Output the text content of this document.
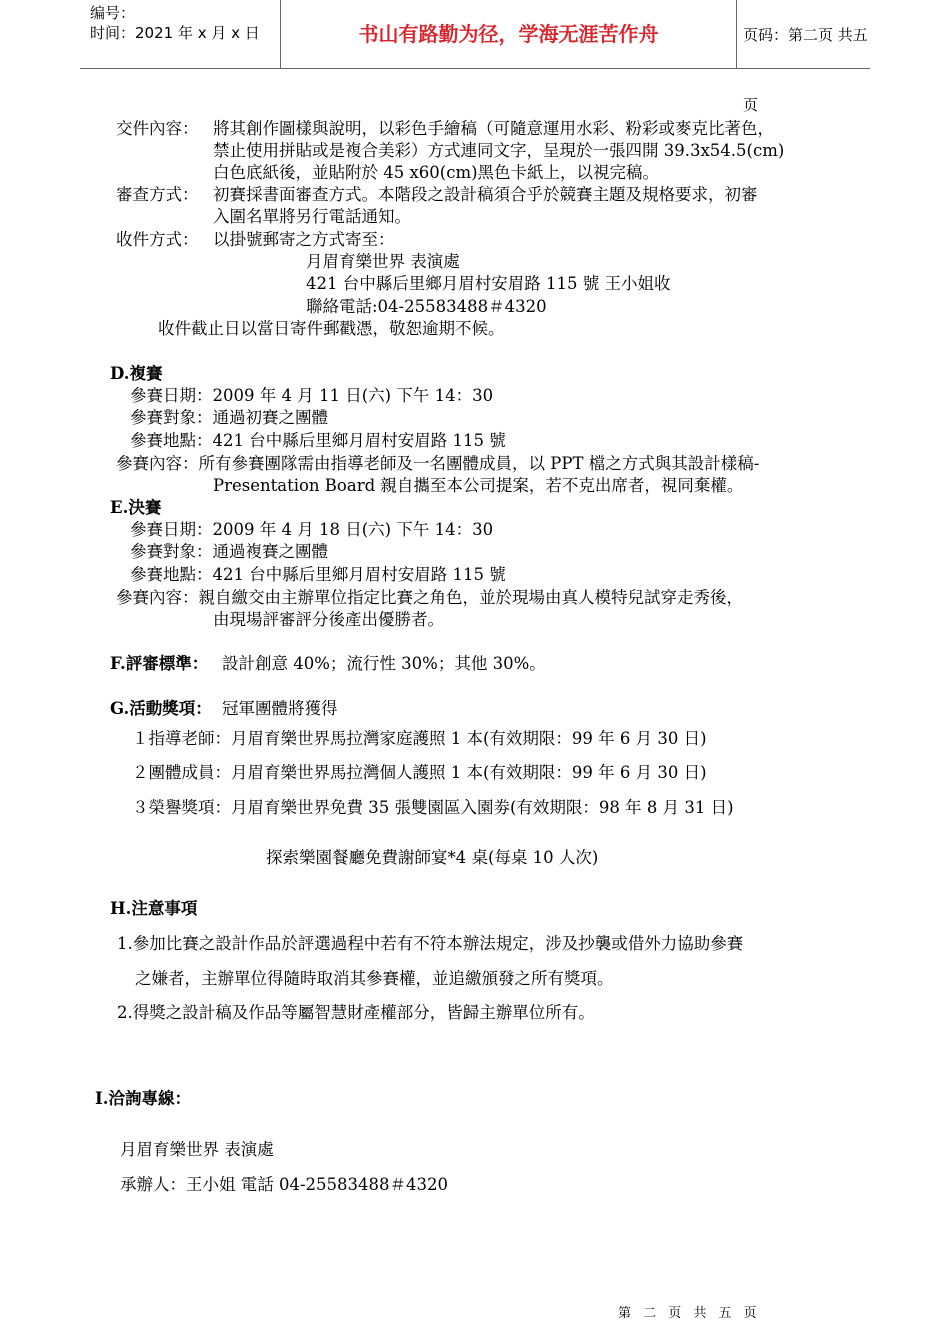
编号：
时间：2021 年 x 月 x 日	书山有路勤为径，学海无涯苦作舟	页码：第二页 共五页
交件內容： 將其創作圖樣與說明，以彩色手繪稿（可隨意運用水彩、粉彩或麥克比著色，
禁止使用拼貼或是複合美彩）方式連同文字，呈現於一張四開 39.3x54.5(cm)
白色底紙後，並貼附於 45 x60(cm)黑色卡紙上，以視完稿。
審查方式： 初賽採書面審查方式。本階段之設計稿須合乎於競賽主題及規格要求，初審
入圍名單將另行電話通知。
收件方式： 以掛號郵寄之方式寄至：
月眉育樂世界 表演處
421 台中縣后里鄉月眉村安眉路 115 號 王小姐收
聯絡電話:04-25583488＃4320
收件截止日以當日寄件郵戳憑，敬恕逾期不候。
D.複賽
參賽日期：2009 年 4 月 11 日(六) 下午 14：30
參賽對象：通過初賽之團體
參賽地點：421 台中縣后里鄉月眉村安眉路 115 號
參賽內容：所有參賽團隊需由指導老師及一名團體成員，以 PPT 檔之方式與其設計樣稿-
Presentation Board 親自攜至本公司提案，若不克出席者，視同棄權。
E.決賽
參賽日期：2009 年 4 月 18 日(六) 下午 14：30
參賽對象：通過複賽之團體
參賽地點：421 台中縣后里鄉月眉村安眉路 115 號
參賽內容：親自繳交由主辦單位指定比賽之角色，並於現場由真人模特兒試穿走秀後，
由現場評審評分後產出優勝者。
F.評審標準： 設計創意 40%；流行性 30%；其他 30%。
G.活動獎項： 冠軍團體將獲得
１指導老師：月眉育樂世界馬拉灣家庭護照 1 本(有效期限：99 年 6 月 30 日)
２團體成員：月眉育樂世界馬拉灣個人護照 1 本(有效期限：99 年 6 月 30 日)
３榮譽獎項：月眉育樂世界免費 35 張雙園區入園劵(有效期限：98 年 8 月 31 日)
探索樂園餐廳免費謝師宴*4 桌(每桌 10 人次)
H.注意事項
1.參加比賽之設計作品於評選過程中若有不符本辦法規定，涉及抄襲或借外力協助參賽
之嫌者，主辦單位得隨時取消其參賽權，並追繳頒發之所有獎項。
2.得獎之設計稿及作品等屬智慧財產權部分，皆歸主辦單位所有。
I.洽詢專線：
月眉育樂世界 表演處
承辦人：王小姐 電話 04-25583488＃4320
第 二 页 共 五 页
